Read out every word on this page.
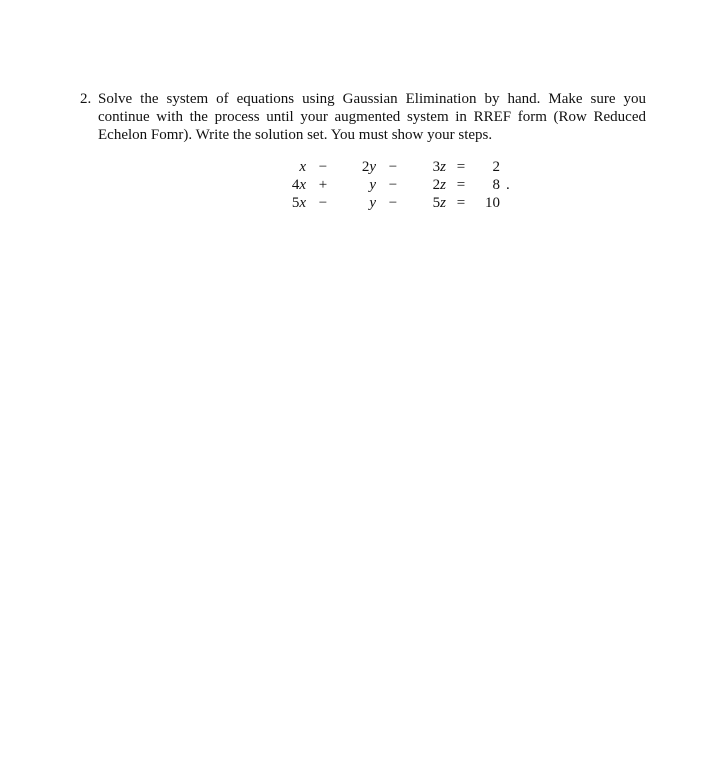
2. Solve the system of equations using Gaussian Elimination by hand. Make sure you continue with the process until your augmented system in RREF form (Row Reduced Echelon Fomr). Write the solution set. You must show your steps.
x	−	2y	−	3z	=	2	
4x	+	y	−	2z	=	8	.
5x	−	y	−	5z	=	10	
